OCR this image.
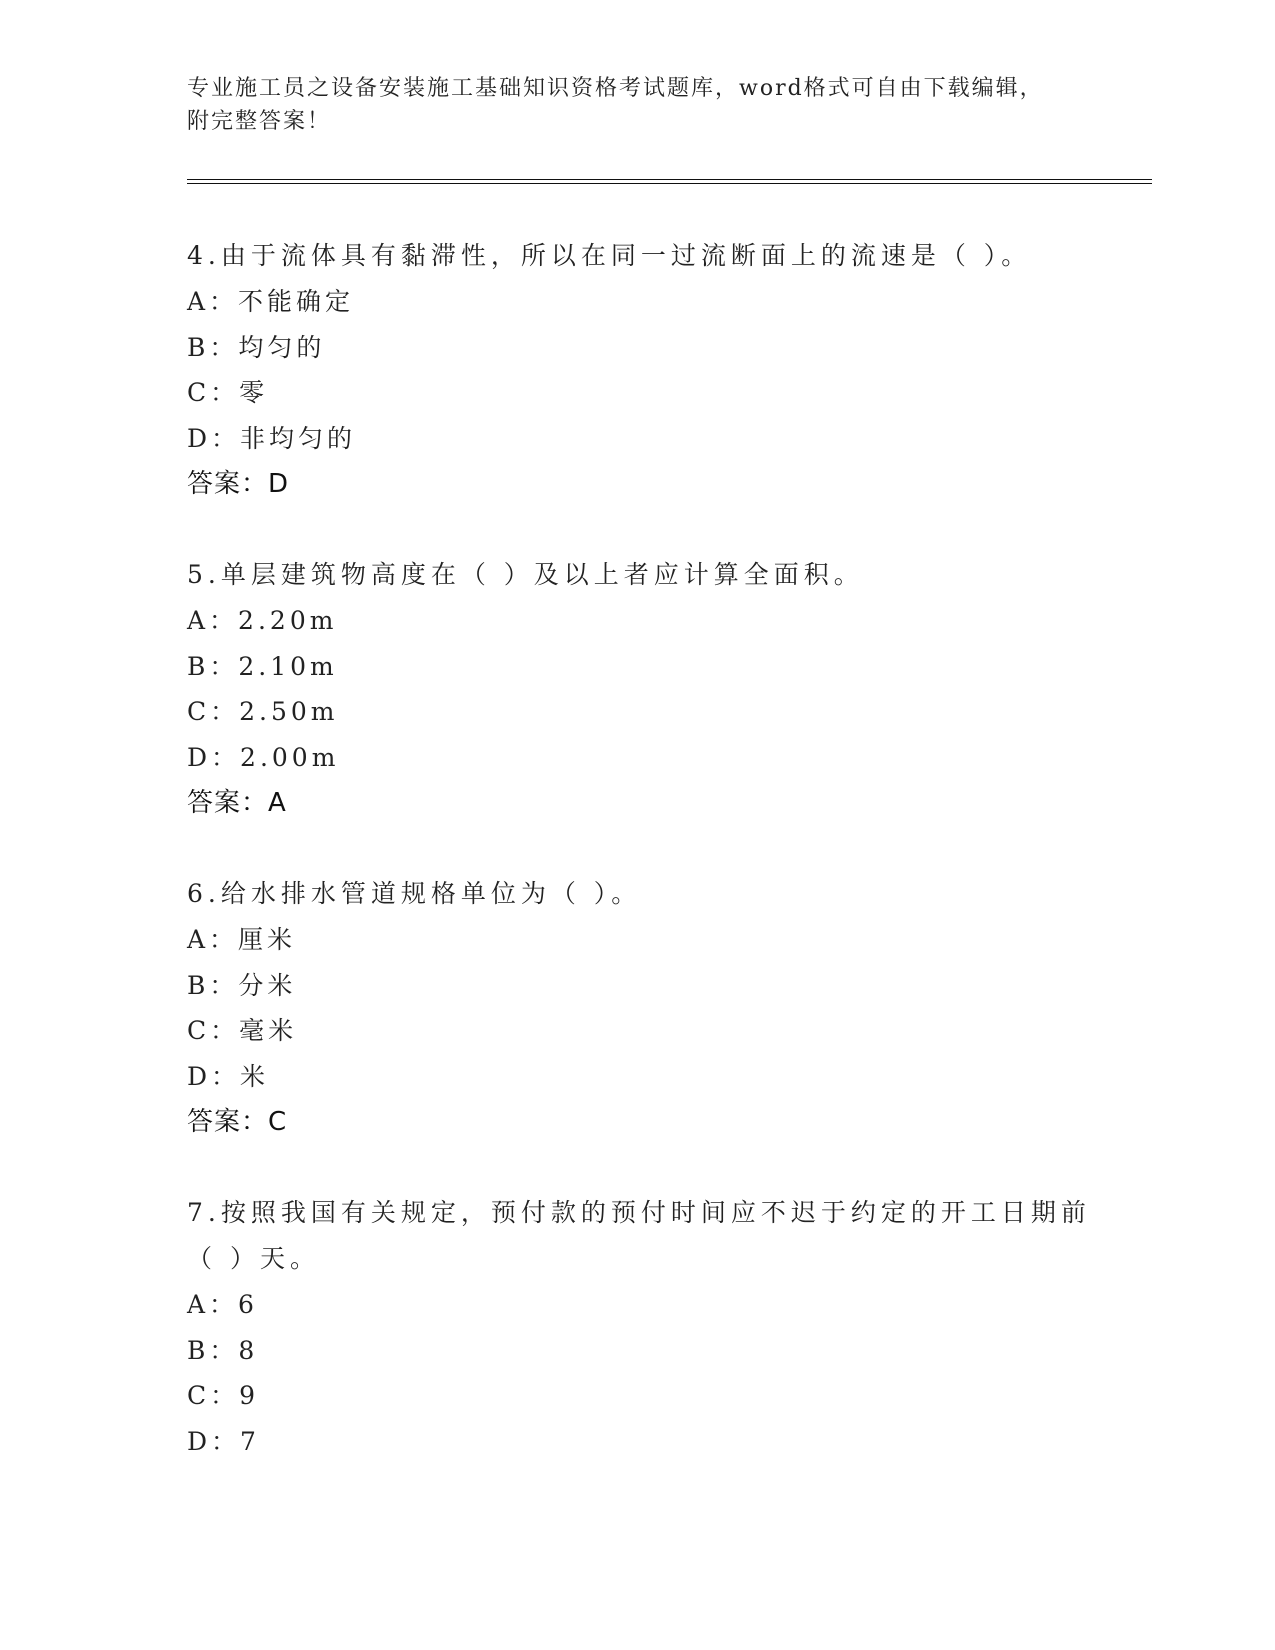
专业施工员之设备安装施工基础知识资格考试题库，word格式可自由下载编辑，
附完整答案！
4.由于流体具有黏滞性，所以在同一过流断面上的流速是（ ）。
A：不能确定
B：均匀的
C：零
D：非均匀的
答案：D
5.单层建筑物高度在（ ）及以上者应计算全面积。
A：2.20m
B：2.10m
C：2.50m
D：2.00m
答案：A
6.给水排水管道规格单位为（ ）。
A：厘米
B：分米
C：毫米
D：米
答案：C
7.按照我国有关规定，预付款的预付时间应不迟于约定的开工日期前
（ ）天。
A：6
B：8
C：9
D：7
